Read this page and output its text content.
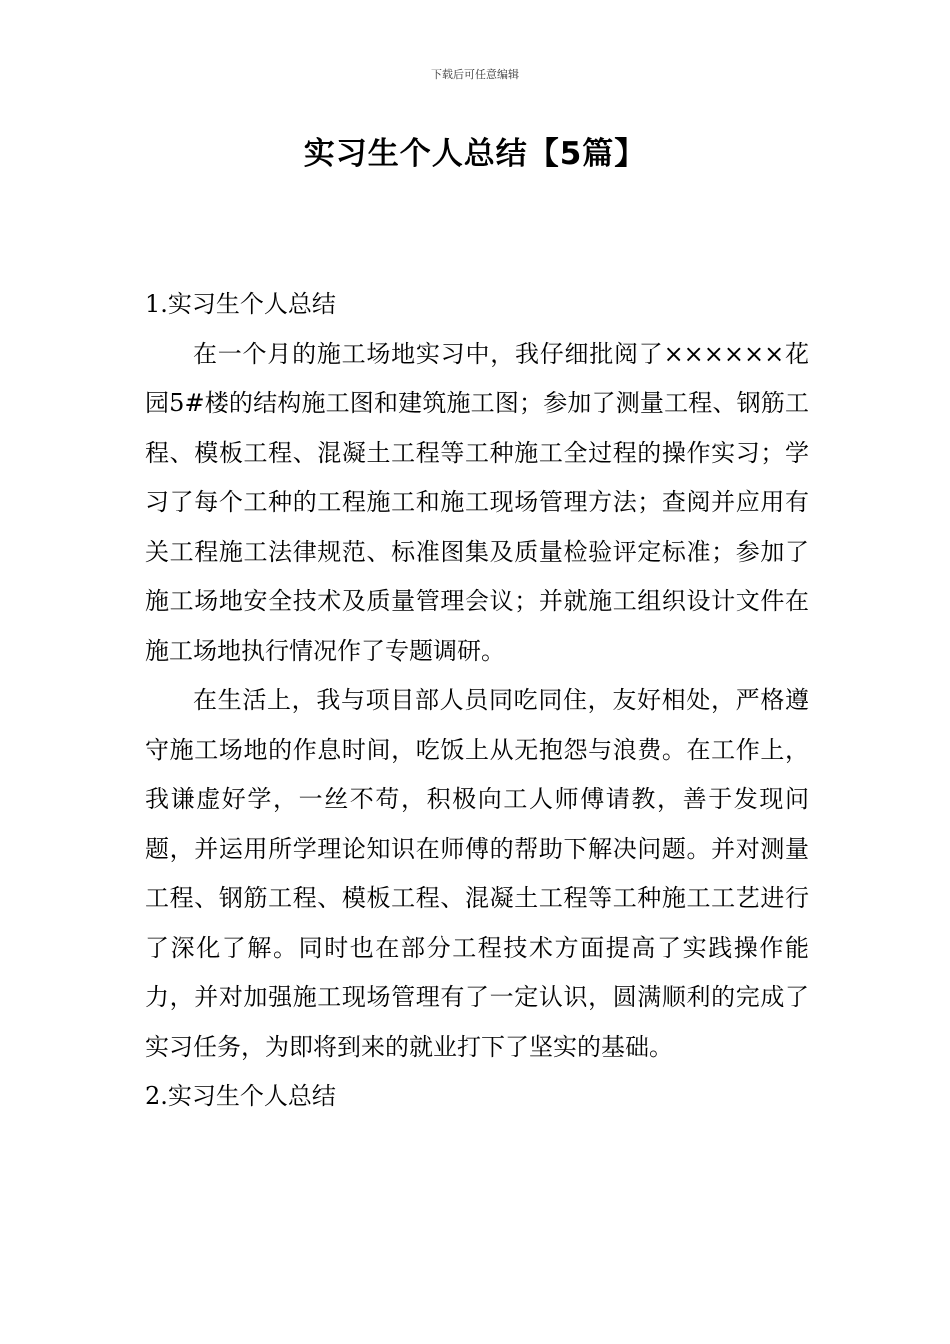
下载后可任意编辑
实习生个人总结【5篇】
1.实习生个人总结

在一个月的施工场地实习中，我仔细批阅了××××××花园5#楼的结构施工图和建筑施工图；参加了测量工程、钢筋工程、模板工程、混凝土工程等工种施工全过程的操作实习；学习了每个工种的工程施工和施工现场管理方法；查阅并应用有关工程施工法律规范、标准图集及质量检验评定标准；参加了施工场地安全技术及质量管理会议；并就施工组织设计文件在施工场地执行情况作了专题调研。

在生活上，我与项目部人员同吃同住，友好相处，严格遵守施工场地的作息时间，吃饭上从无抱怨与浪费。在工作上，我谦虚好学，一丝不苟，积极向工人师傅请教，善于发现问题，并运用所学理论知识在师傅的帮助下解决问题。并对测量工程、钢筋工程、模板工程、混凝土工程等工种施工工艺进行了深化了解。同时也在部分工程技术方面提高了实践操作能力，并对加强施工现场管理有了一定认识，圆满顺利的完成了实习任务，为即将到来的就业打下了坚实的基础。

2.实习生个人总结
